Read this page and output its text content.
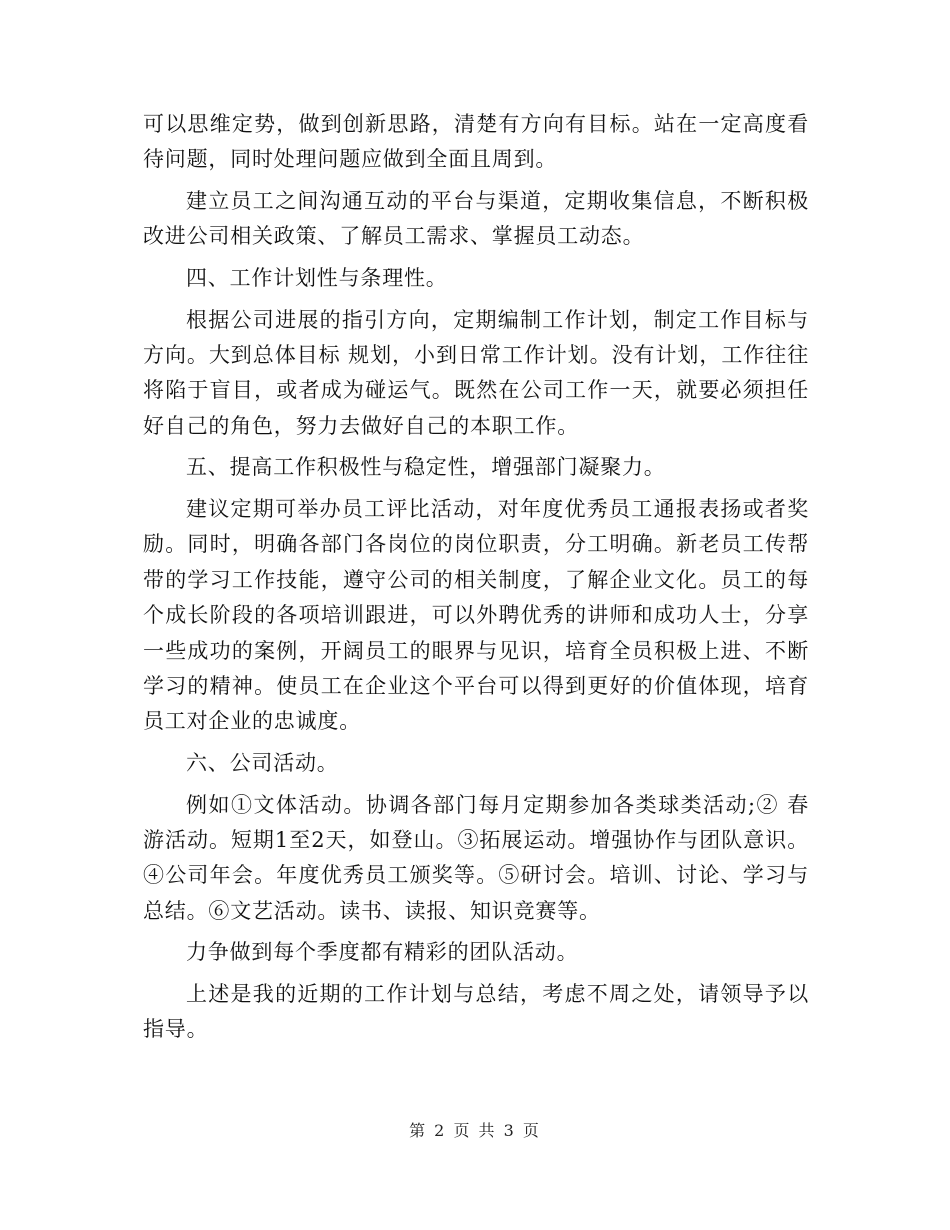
可以思维定势，做到创新思路，清楚有方向有目标。站在一定高度看待问题，同时处理问题应做到全面且周到。

建立员工之间沟通互动的平台与渠道，定期收集信息，不断积极改进公司相关政策、了解员工需求、掌握员工动态。

四、工作计划性与条理性。

根据公司进展的指引方向，定期编制工作计划，制定工作目标与方向。大到总体目标 规划，小到日常工作计划。没有计划，工作往往将陷于盲目，或者成为碰运气。既然在公司工作一天，就要必须担任好自己的角色，努力去做好自己的本职工作。

五、提高工作积极性与稳定性，增强部门凝聚力。

建议定期可举办员工评比活动，对年度优秀员工通报表扬或者奖励。同时，明确各部门各岗位的岗位职责，分工明确。新老员工传帮带的学习工作技能，遵守公司的相关制度，了解企业文化。员工的每个成长阶段的各项培训跟进，可以外聘优秀的讲师和成功人士，分享一些成功的案例，开阔员工的眼界与见识，培育全员积极上进、不断学习的精神。使员工在企业这个平台可以得到更好的价值体现，培育员工对企业的忠诚度。

六、公司活动。

例如①文体活动。协调各部门每月定期参加各类球类活动;② 春游活动。短期1至2天，如登山。③拓展运动。增强协作与团队意识。④公司年会。年度优秀员工颁奖等。⑤研讨会。培训、讨论、学习与总结。⑥文艺活动。读书、读报、知识竞赛等。

力争做到每个季度都有精彩的团队活动。

上述是我的近期的工作计划与总结，考虑不周之处，请领导予以指导。

第 2 页 共 3 页
